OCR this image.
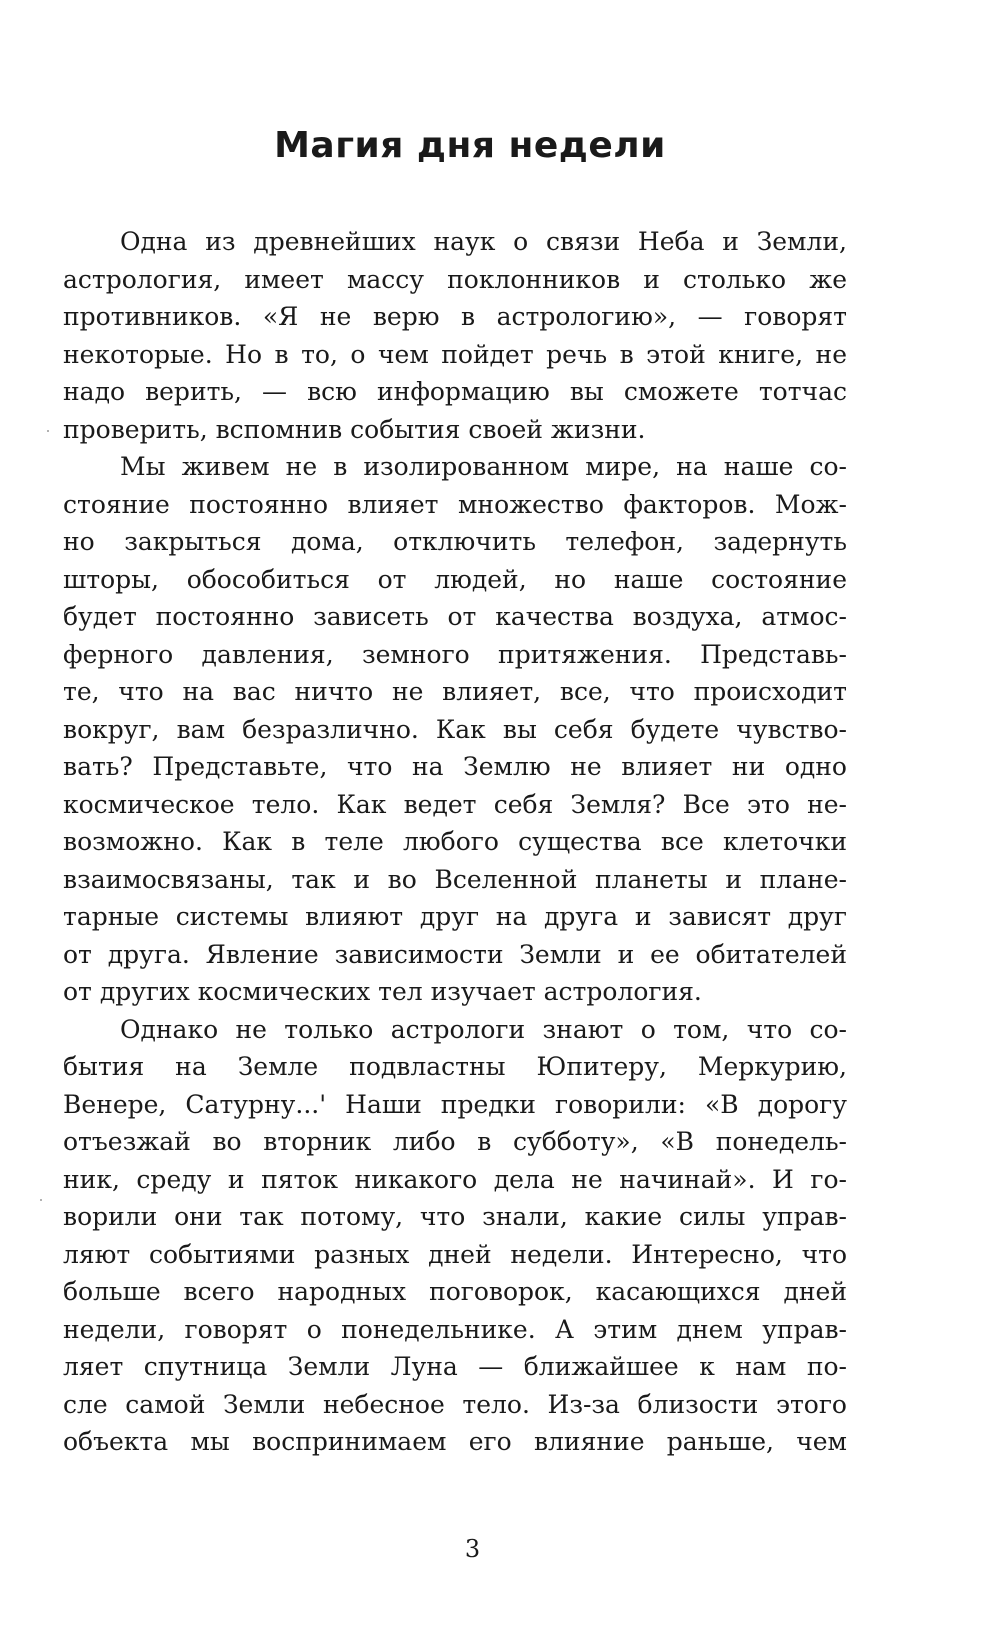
Магия дня недели
Одна из древнейших наук о связи Неба и Земли,
астрология, имеет массу поклонников и столько же
противников. «Я не верю в астрологию», — говорят
некоторые. Но в то, о чем пойдет речь в этой книге, не
надо верить, — всю информацию вы сможете тотчас
проверить, вспомнив события своей жизни.
Мы живем не в изолированном мире, на наше со-
стояние постоянно влияет множество факторов. Мож-
но закрыться дома, отключить телефон, задернуть
шторы, обособиться от людей, но наше состояние
будет постоянно зависеть от качества воздуха, атмос-
ферного давления, земного притяжения. Представь-
те, что на вас ничто не влияет, все, что происходит
вокруг, вам безразлично. Как вы себя будете чувство-
вать? Представьте, что на Землю не влияет ни одно
космическое тело. Как ведет себя Земля? Все это не-
возможно. Как в теле любого существа все клеточки
взаимосвязаны, так и во Вселенной планеты и плане-
тарные системы влияют друг на друга и зависят друг
от друга. Явление зависимости Земли и ее обитателей
от других космических тел изучает астрология.
Однако не только астрологи знают о том, что со-
бытия на Земле подвластны Юпитеру, Меркурию,
Венере, Сатурну...' Наши предки говорили: «В дорогу
отъезжай во вторник либо в субботу», «В понедель-
ник, среду и пяток никакого дела не начинай». И го-
ворили они так потому, что знали, какие силы управ-
ляют событиями разных дней недели. Интересно, что
больше всего народных поговорок, касающихся дней
недели, говорят о понедельнике. А этим днем управ-
ляет спутница Земли Луна — ближайшее к нам по-
сле самой Земли небесное тело. Из-за близости этого
объекта мы воспринимаем его влияние раньше, чем
3
